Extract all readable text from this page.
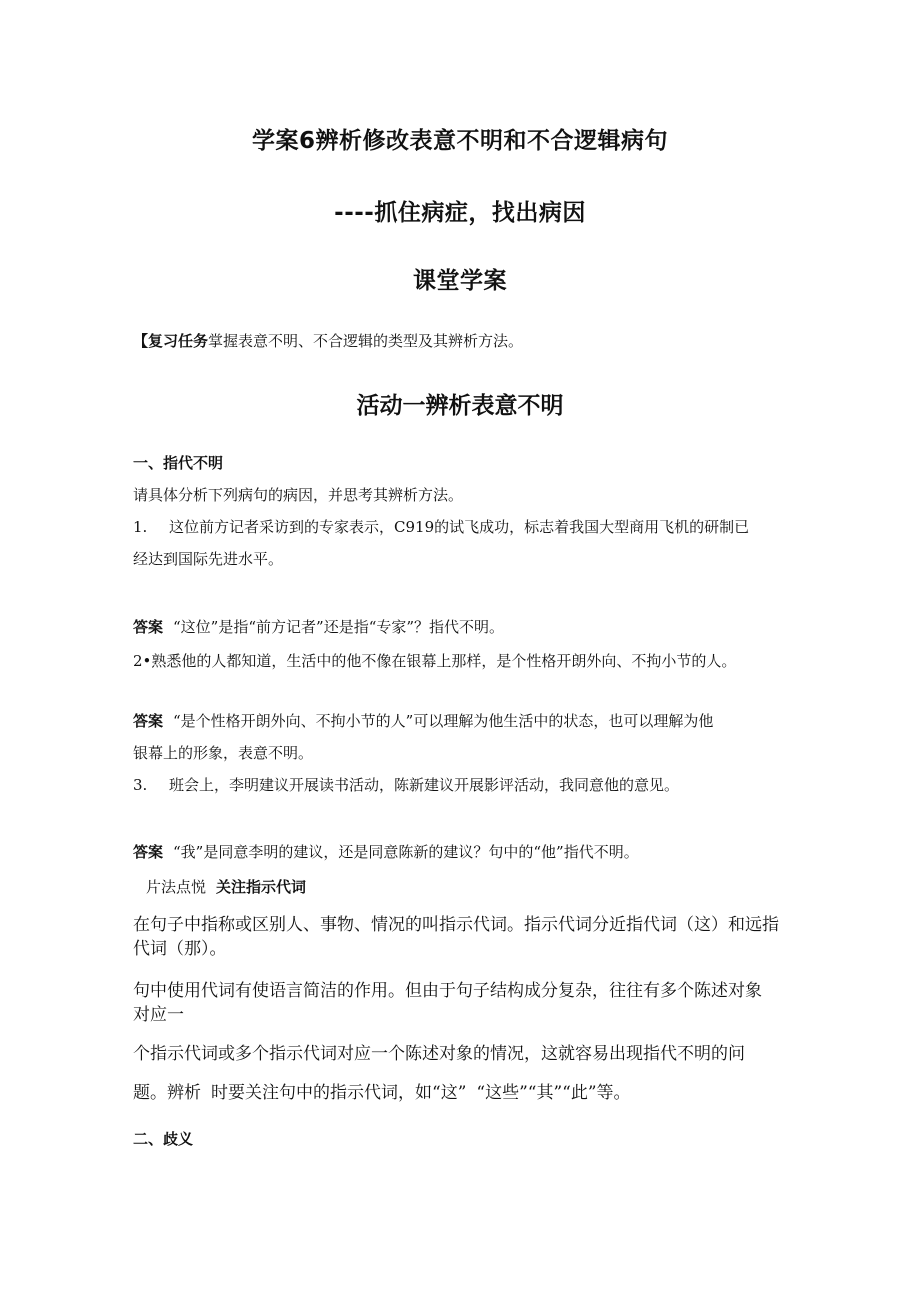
学案6辨析修改表意不明和不合逻辑病句
----抓住病症，找出病因
课堂学案

【复习任务掌握表意不明、不合逻辑的类型及其辨析方法。

活动一辨析表意不明
一、指代不明

请具体分析下列病句的病因，并思考其辨析方法。

1. 这位前方记者采访到的专家表示，C919的试飞成功，标志着我国大型商用飞机的研制已

经达到国际先进水平。

答案 “这位”是指“前方记者”还是指“专家”？指代不明。

2•熟悉他的人都知道，生活中的他不像在银幕上那样，是个性格开朗外向、不拘小节的人。

答案 “是个性格开朗外向、不拘小节的人”可以理解为他生活中的状态，也可以理解为他

银幕上的形象，表意不明。

3. 班会上，李明建议开展读书活动，陈新建议开展影评活动，我同意他的意见。

答案 “我”是同意李明的建议，还是同意陈新的建议？句中的“他”指代不明。

片法点悦 关注指示代词

在句子中指称或区别人、事物、情况的叫指示代词。指示代词分近指代词（这）和远指

代词（那）。

句中使用代词有使语言简洁的作用。但由于句子结构成分复杂，往往有多个陈述对象

对应一

个指示代词或多个指示代词对应一个陈述对象的情况，这就容易出现指代不明的问

题。辨析 时要关注句中的指示代词，如“这” “这些”“其”“此”等。

二、歧义
